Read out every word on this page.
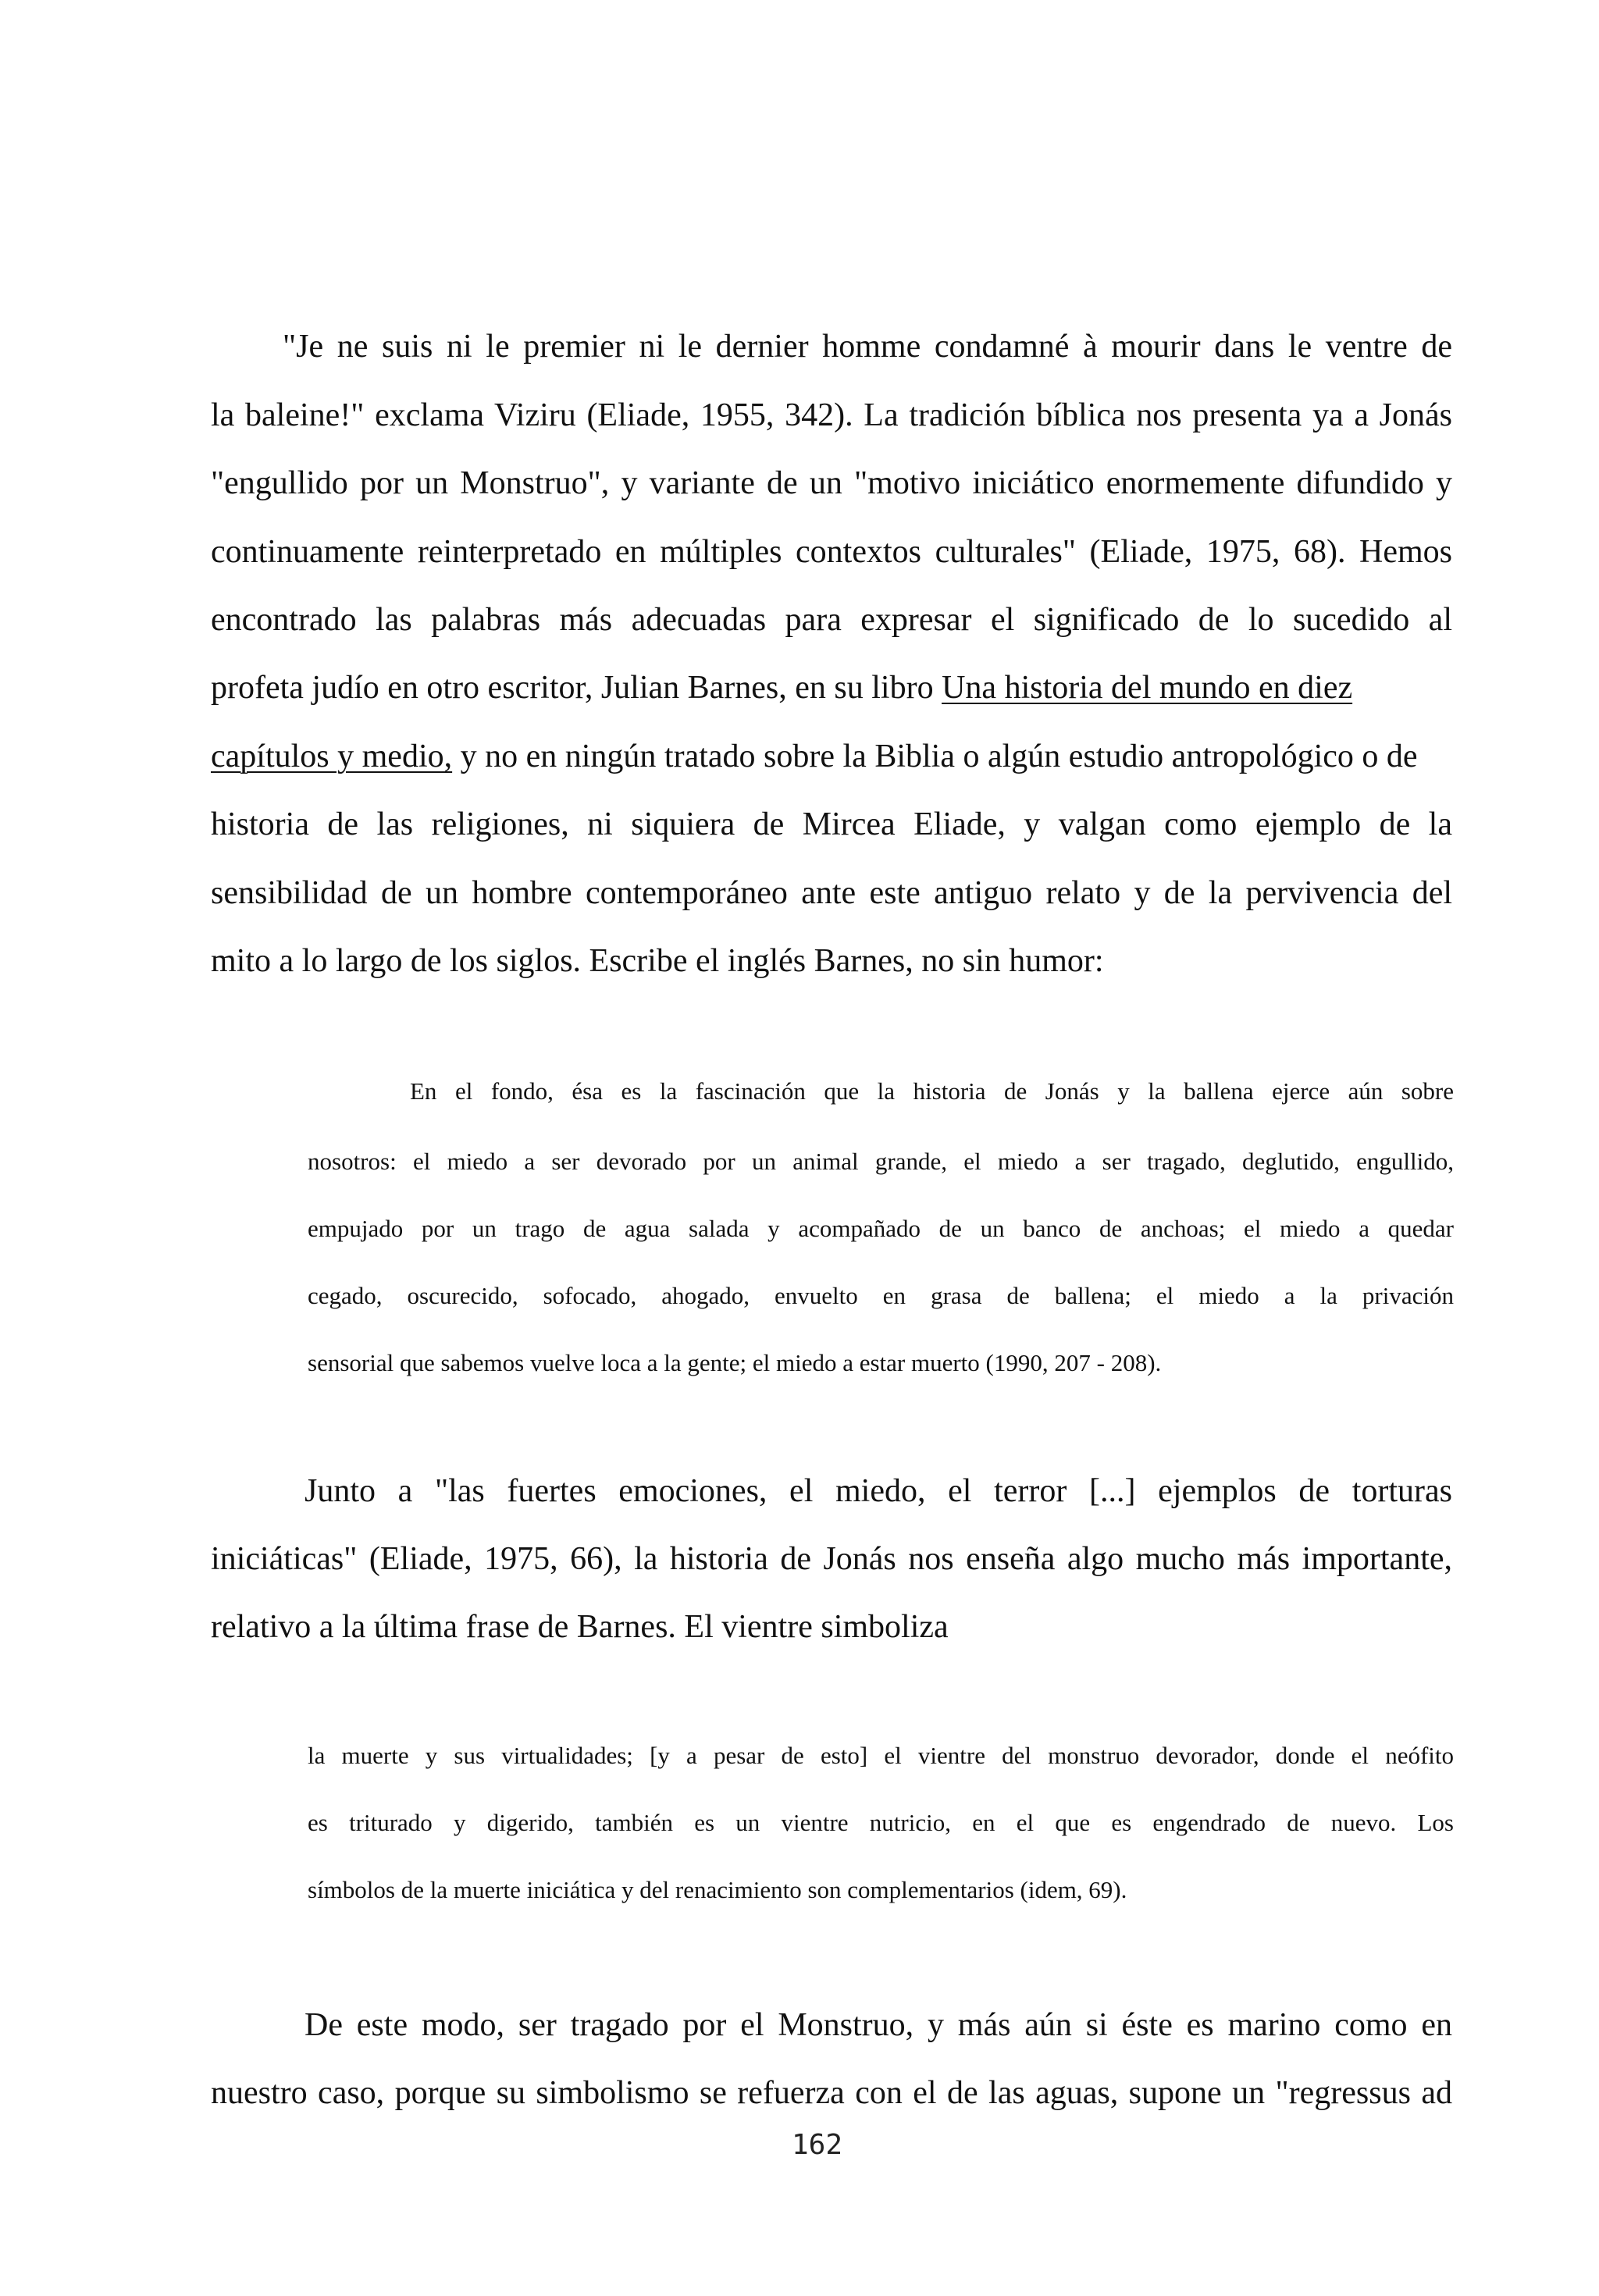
"Je ne suis ni le premier ni le dernier homme condamné à mourir dans le ventre de

la baleine!" exclama Viziru (Eliade, 1955, 342). La tradición bíblica nos presenta ya a Jonás

"engullido por un Monstruo", y variante de un "motivo iniciático enormemente difundido y

continuamente reinterpretado en múltiples contextos culturales" (Eliade, 1975, 68). Hemos

encontrado las palabras más adecuadas para expresar el significado de lo sucedido al

profeta judío en otro escritor, Julian Barnes, en su libro Una historia del mundo en diez

capítulos y medio, y no en ningún tratado sobre la Biblia o algún estudio antropológico o de

historia de las religiones, ni siquiera de Mircea Eliade, y valgan como ejemplo de la

sensibilidad de un hombre contemporáneo ante este antiguo relato y de la pervivencia del

mito a lo largo de los siglos. Escribe el inglés Barnes, no sin humor:

En el fondo, ésa es la fascinación que la historia de Jonás y la ballena ejerce aún sobre

nosotros: el miedo a ser devorado por un animal grande, el miedo a ser tragado, deglutido, engullido,

empujado por un trago de agua salada y acompañado de un banco de anchoas; el miedo a quedar

cegado, oscurecido, sofocado, ahogado, envuelto en grasa de ballena; el miedo a la privación

sensorial que sabemos vuelve loca a la gente; el miedo a estar muerto (1990, 207 - 208).

Junto a "las fuertes emociones, el miedo, el terror [...] ejemplos de torturas

iniciáticas" (Eliade, 1975, 66), la historia de Jonás nos enseña algo mucho más importante,

relativo a la última frase de Barnes. El vientre simboliza

la muerte y sus virtualidades; [y a pesar de esto] el vientre del monstruo devorador, donde el neófito

es triturado y digerido, también es un vientre nutricio, en el que es engendrado de nuevo. Los

símbolos de la muerte iniciática y del renacimiento son complementarios (idem, 69).

De este modo, ser tragado por el Monstruo, y más aún si éste es marino como en

nuestro caso, porque su simbolismo se refuerza con el de las aguas, supone un "regressus ad

162
